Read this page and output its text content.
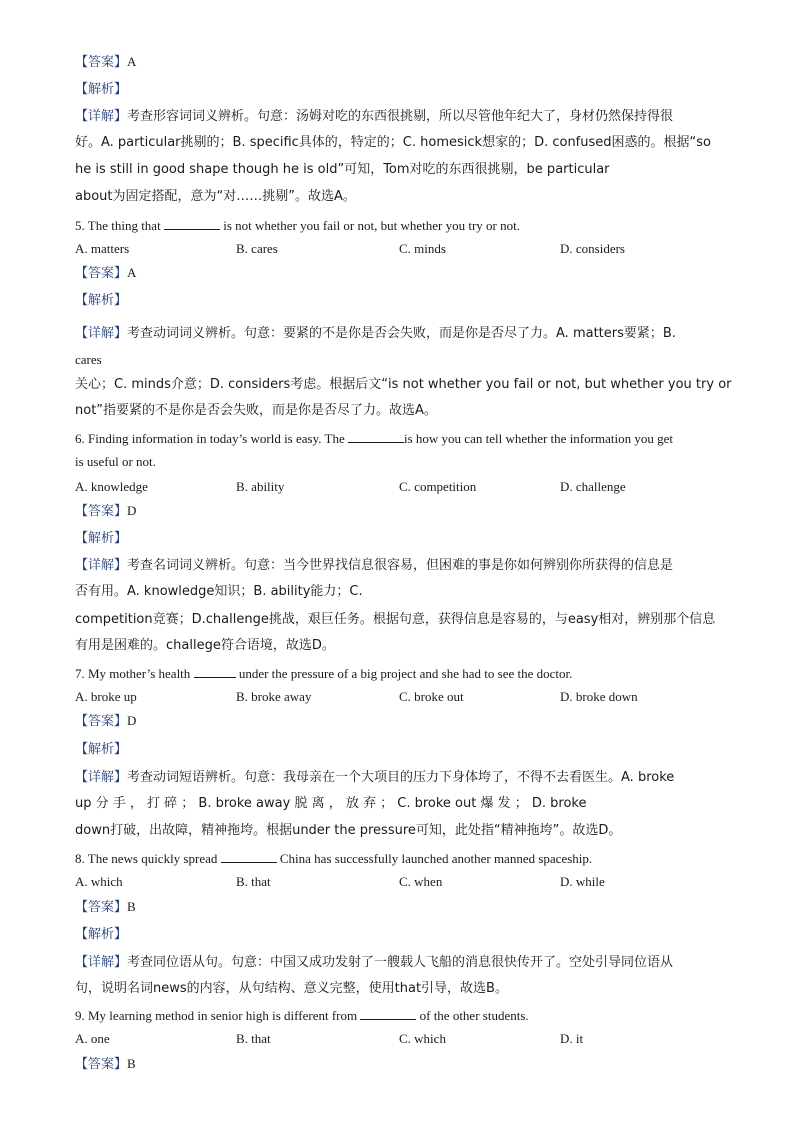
【答案】A
【解析】
【详解】考查形容词词义辨析。句意：汤姆对吃的东西很挑剔，所以尽管他年纪大了，身材仍然保持得很
好。A. particular挑剔的；B. specific具体的，特定的；C. homesick想家的；D. confused困惑的。根据“so
he is still in good shape though he is old”可知，Tom对吃的东西很挑剔，be particular
about为固定搭配，意为“对……挑剔”。故选A。
5. The thing that	is not whether you fail or not, but whether you try or not.
A. matters	B. cares	C. minds	D. considers
【答案】A
【解析】
【详解】考查动词词义辨析。句意：要紧的不是你是否会失败，而是你是否尽了力。A. matters要紧；B.
cares
关心；C. minds介意；D. considers考虑。根据后文“is not whether you fail or not, but whether you try or
not”指要紧的不是你是否会失败，而是你是否尽了力。故选A。
6. Finding information in today’s world is easy. The	is how you can tell whether the information you get
is useful or not.
A. knowledge	B. ability	C. competition	D. challenge
【答案】D
【解析】
【详解】考查名词词义辨析。句意：当今世界找信息很容易，但困难的事是你如何辨别你所获得的信息是
否有用。A. knowledge知识；B. ability能力；C.
competition竞赛；D.challenge挑战，艰巨任务。根据句意，获得信息是容易的，与easy相对，辨别那个信息
有用是困难的。challege符合语境，故选D。
7. My mother’s health	under the pressure of a big project and she had to see the doctor.
A. broke up	B. broke away	C. broke out	D. broke down
【答案】D
【解析】
【详解】考查动词短语辨析。句意：我母亲在一个大项目的压力下身体垮了，不得不去看医生。A. broke
up 分 手 ， 打 碎 ； B. broke away 脱 离 ， 放 弃 ； C. broke out 爆 发 ； D. broke
down打破，出故障，精神拖垮。根据under the pressure可知，此处指“精神拖垮”。故选D。
8. The news quickly spread	China has successfully launched another manned spaceship.
A. which	B. that	C. when	D. while
【答案】B
【解析】
【详解】考查同位语从句。句意：中国又成功发射了一艘载人飞船的消息很快传开了。空处引导同位语从
句，说明名词news的内容，从句结构、意义完整，使用that引导，故选B。
9. My learning method in senior high is different from	of the other students.
A. one	B. that	C. which	D. it
【答案】B
